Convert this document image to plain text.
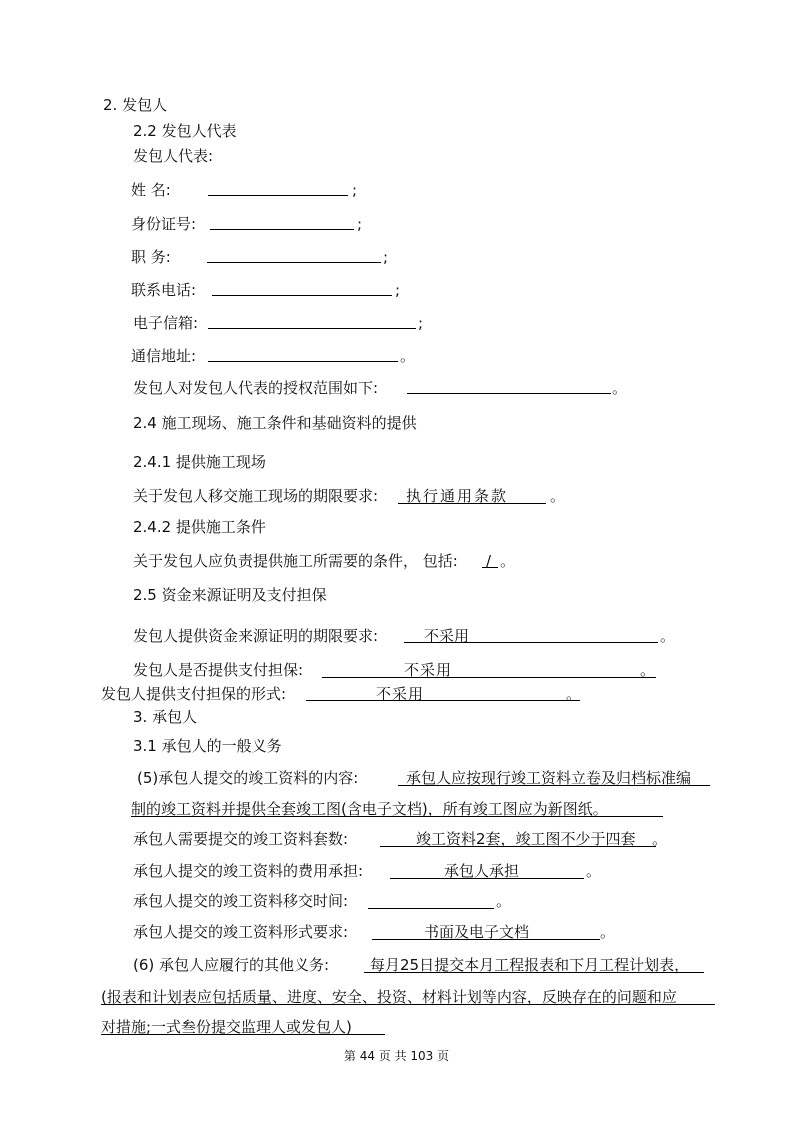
2. 发包人
2.2 发包人代表
发包人代表:
姓 名:	;
身份证号:	;
职 务:	;
联系电话:	;
电子信箱:	;
通信地址:	。
发包人对发包人代表的授权范围如下:	。
2.4 施工现场、施工条件和基础资料的提供
2.4.1 提供施工现场
关于发包人移交施工现场的期限要求: 执行通用条款	。
2.4.2 提供施工条件
关于发包人应负责提供施工所需要的条件， 包括: / 。
2.5 资金来源证明及支付担保
发包人提供资金来源证明的期限要求:	不采用	。
发包人是否提供支付担保:	不采用	。
发包人提供支付担保的形式:	不采用	。
3. 承包人
3.1 承包人的一般义务
(5)承包人提交的竣工资料的内容:	承包人应按现行竣工资料立卷及归档标准编
制的竣工资料并提供全套竣工图(含电子文档)，所有竣工图应为新图纸。
承包人需要提交的竣工资料套数:	竣工资料2套，竣工图不少于四套 。
承包人提交的竣工资料的费用承担:	承包人承担	。
承包人提交的竣工资料移交时间:	。
承包人提交的竣工资料形式要求:	书面及电子文档	。
(6) 承包人应履行的其他义务:	每月25日提交本月工程报表和下月工程计划表，
(报表和计划表应包括质量、进度、安全、投资、材料计划等内容，反映存在的问题和应
对措施;一式叁份提交监理人或发包人)
第 44 页 共 103 页
